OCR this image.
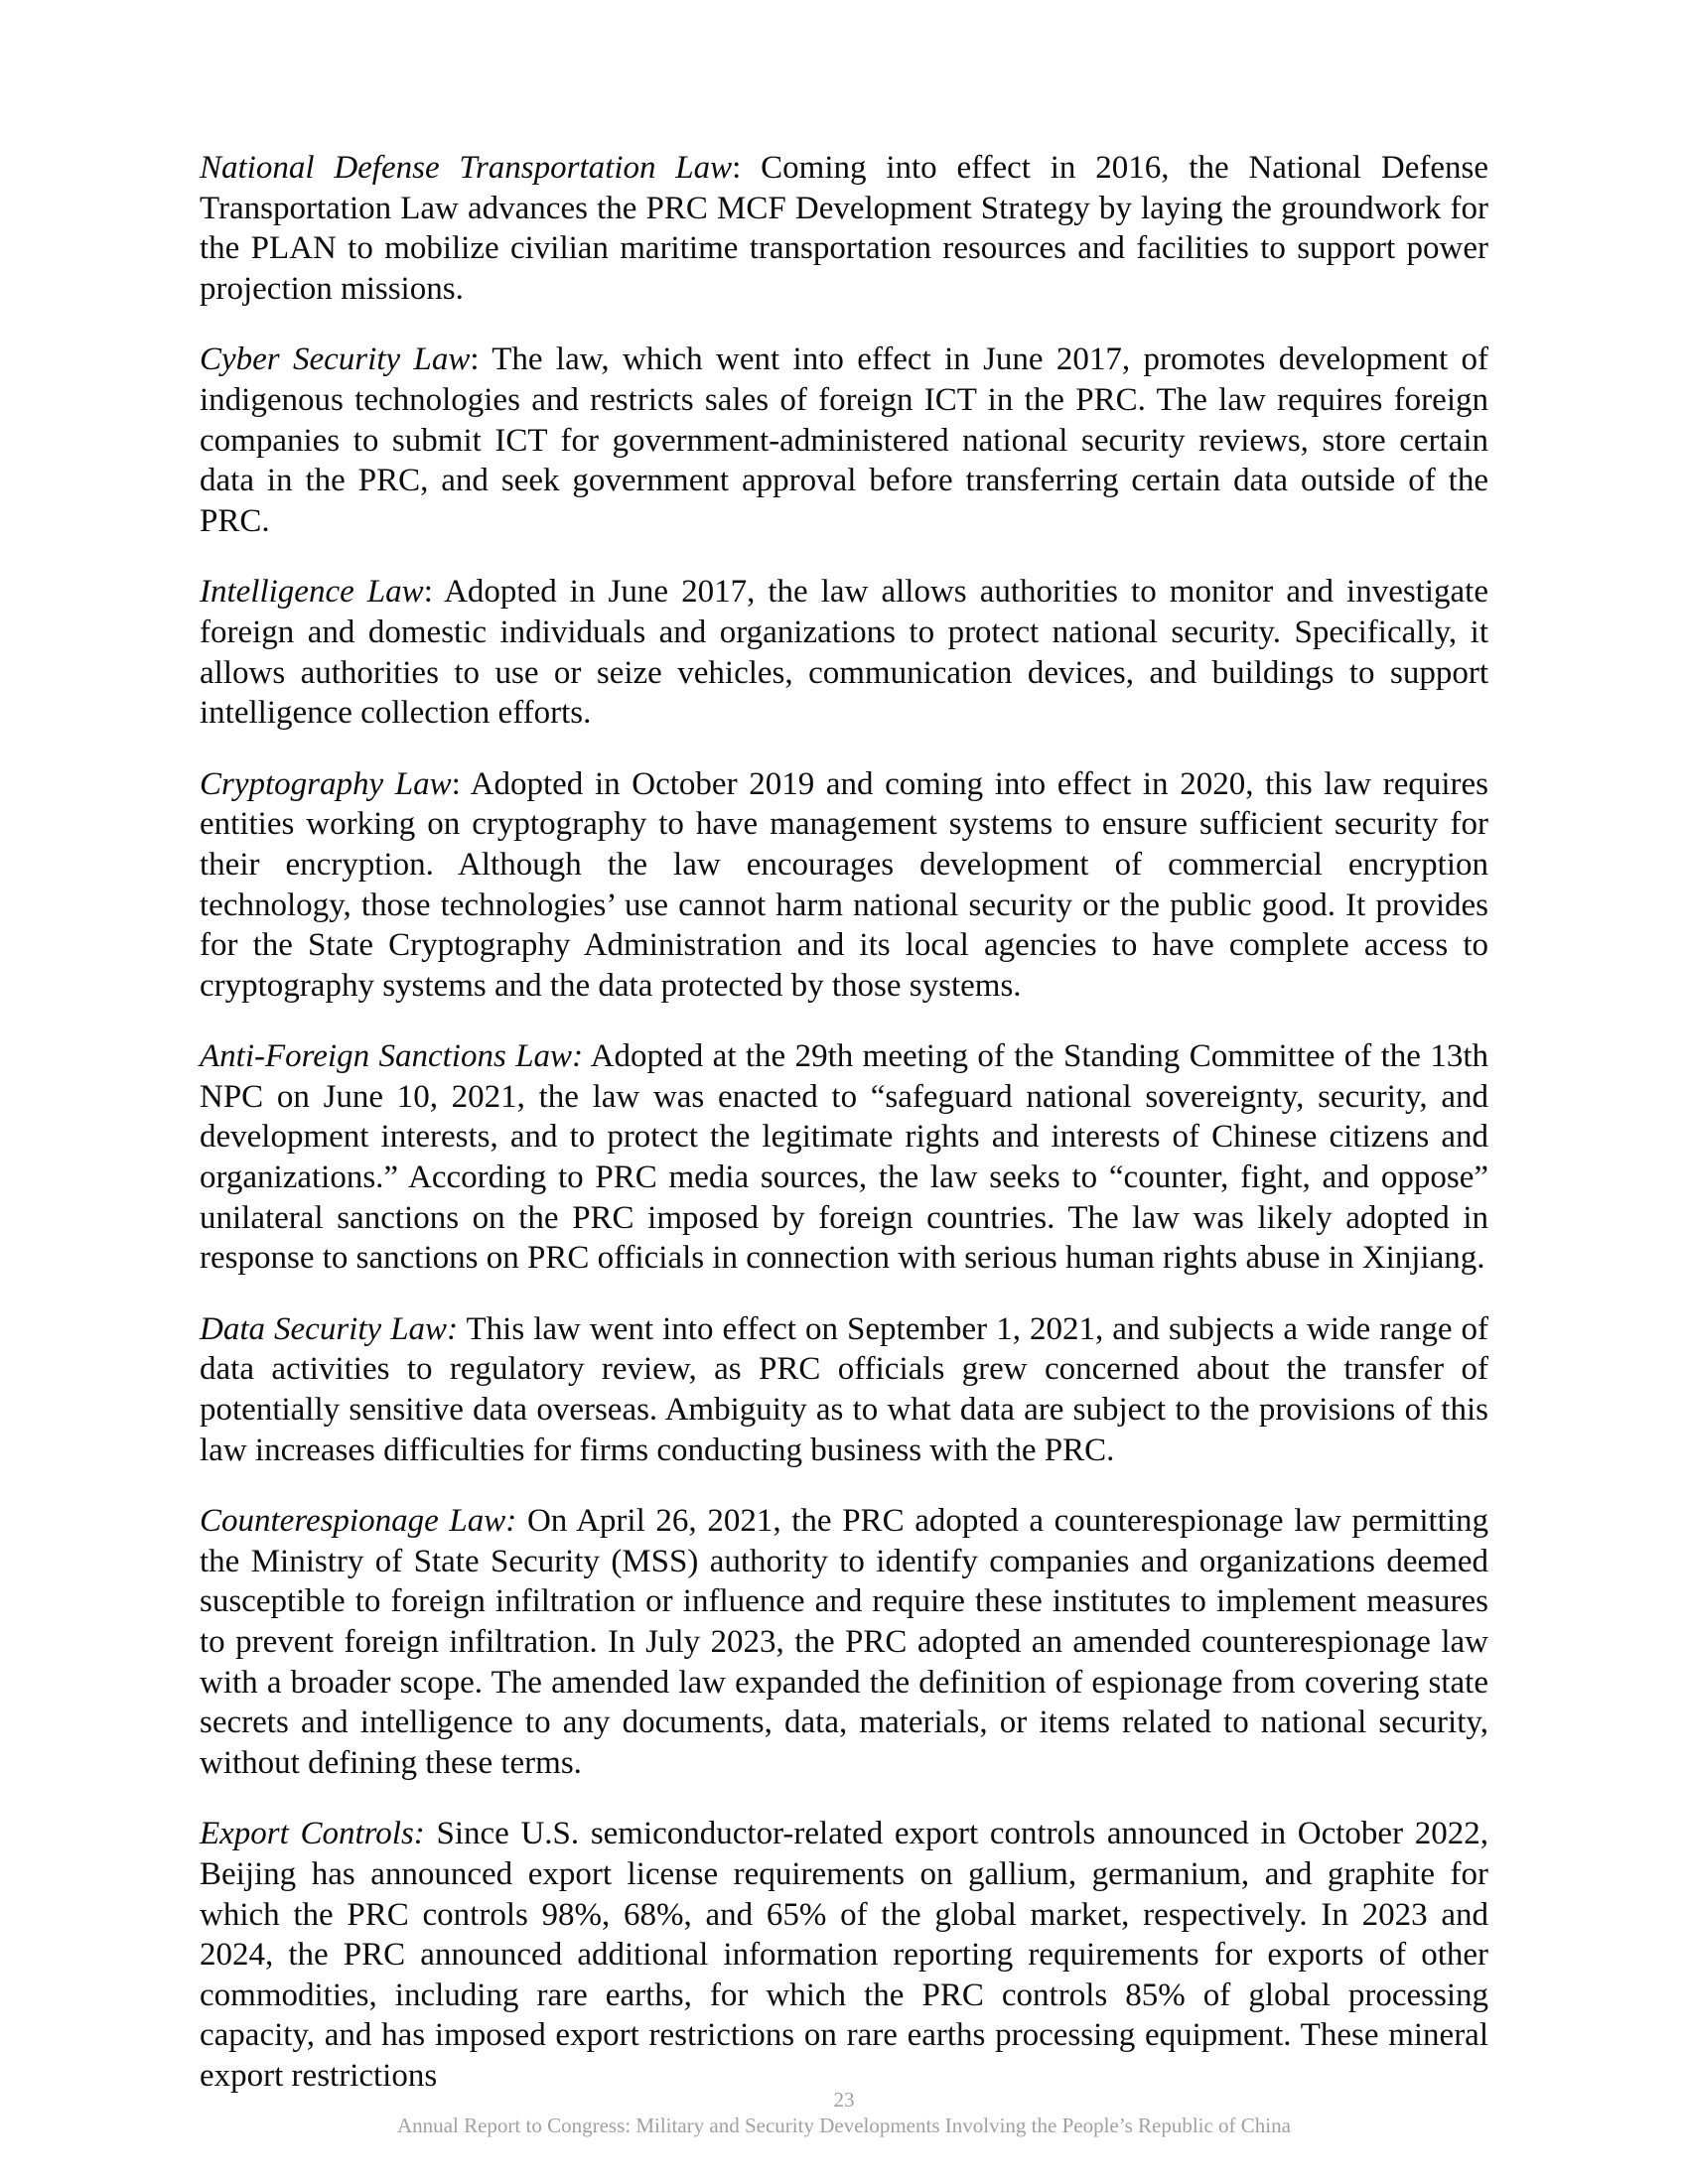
National Defense Transportation Law: Coming into effect in 2016, the National Defense Transportation Law advances the PRC MCF Development Strategy by laying the groundwork for the PLAN to mobilize civilian maritime transportation resources and facilities to support power projection missions.

Cyber Security Law: The law, which went into effect in June 2017, promotes development of indigenous technologies and restricts sales of foreign ICT in the PRC. The law requires foreign companies to submit ICT for government-administered national security reviews, store certain data in the PRC, and seek government approval before transferring certain data outside of the PRC.

Intelligence Law: Adopted in June 2017, the law allows authorities to monitor and investigate foreign and domestic individuals and organizations to protect national security. Specifically, it allows authorities to use or seize vehicles, communication devices, and buildings to support intelligence collection efforts.

Cryptography Law: Adopted in October 2019 and coming into effect in 2020, this law requires entities working on cryptography to have management systems to ensure sufficient security for their encryption. Although the law encourages development of commercial encryption technology, those technologies’ use cannot harm national security or the public good. It provides for the State Cryptography Administration and its local agencies to have complete access to cryptography systems and the data protected by those systems.

Anti-Foreign Sanctions Law: Adopted at the 29th meeting of the Standing Committee of the 13th NPC on June 10, 2021, the law was enacted to “safeguard national sovereignty, security, and development interests, and to protect the legitimate rights and interests of Chinese citizens and organizations.” According to PRC media sources, the law seeks to “counter, fight, and oppose” unilateral sanctions on the PRC imposed by foreign countries. The law was likely adopted in response to sanctions on PRC officials in connection with serious human rights abuse in Xinjiang.

Data Security Law: This law went into effect on September 1, 2021, and subjects a wide range of data activities to regulatory review, as PRC officials grew concerned about the transfer of potentially sensitive data overseas. Ambiguity as to what data are subject to the provisions of this law increases difficulties for firms conducting business with the PRC.

Counterespionage Law: On April 26, 2021, the PRC adopted a counterespionage law permitting the Ministry of State Security (MSS) authority to identify companies and organizations deemed susceptible to foreign infiltration or influence and require these institutes to implement measures to prevent foreign infiltration. In July 2023, the PRC adopted an amended counterespionage law with a broader scope. The amended law expanded the definition of espionage from covering state secrets and intelligence to any documents, data, materials, or items related to national security, without defining these terms.

Export Controls: Since U.S. semiconductor-related export controls announced in October 2022, Beijing has announced export license requirements on gallium, germanium, and graphite for which the PRC controls 98%, 68%, and 65% of the global market, respectively. In 2023 and 2024, the PRC announced additional information reporting requirements for exports of other commodities, including rare earths, for which the PRC controls 85% of global processing capacity, and has imposed export restrictions on rare earths processing equipment. These mineral export restrictions

23
Annual Report to Congress: Military and Security Developments Involving the People’s Republic of China
